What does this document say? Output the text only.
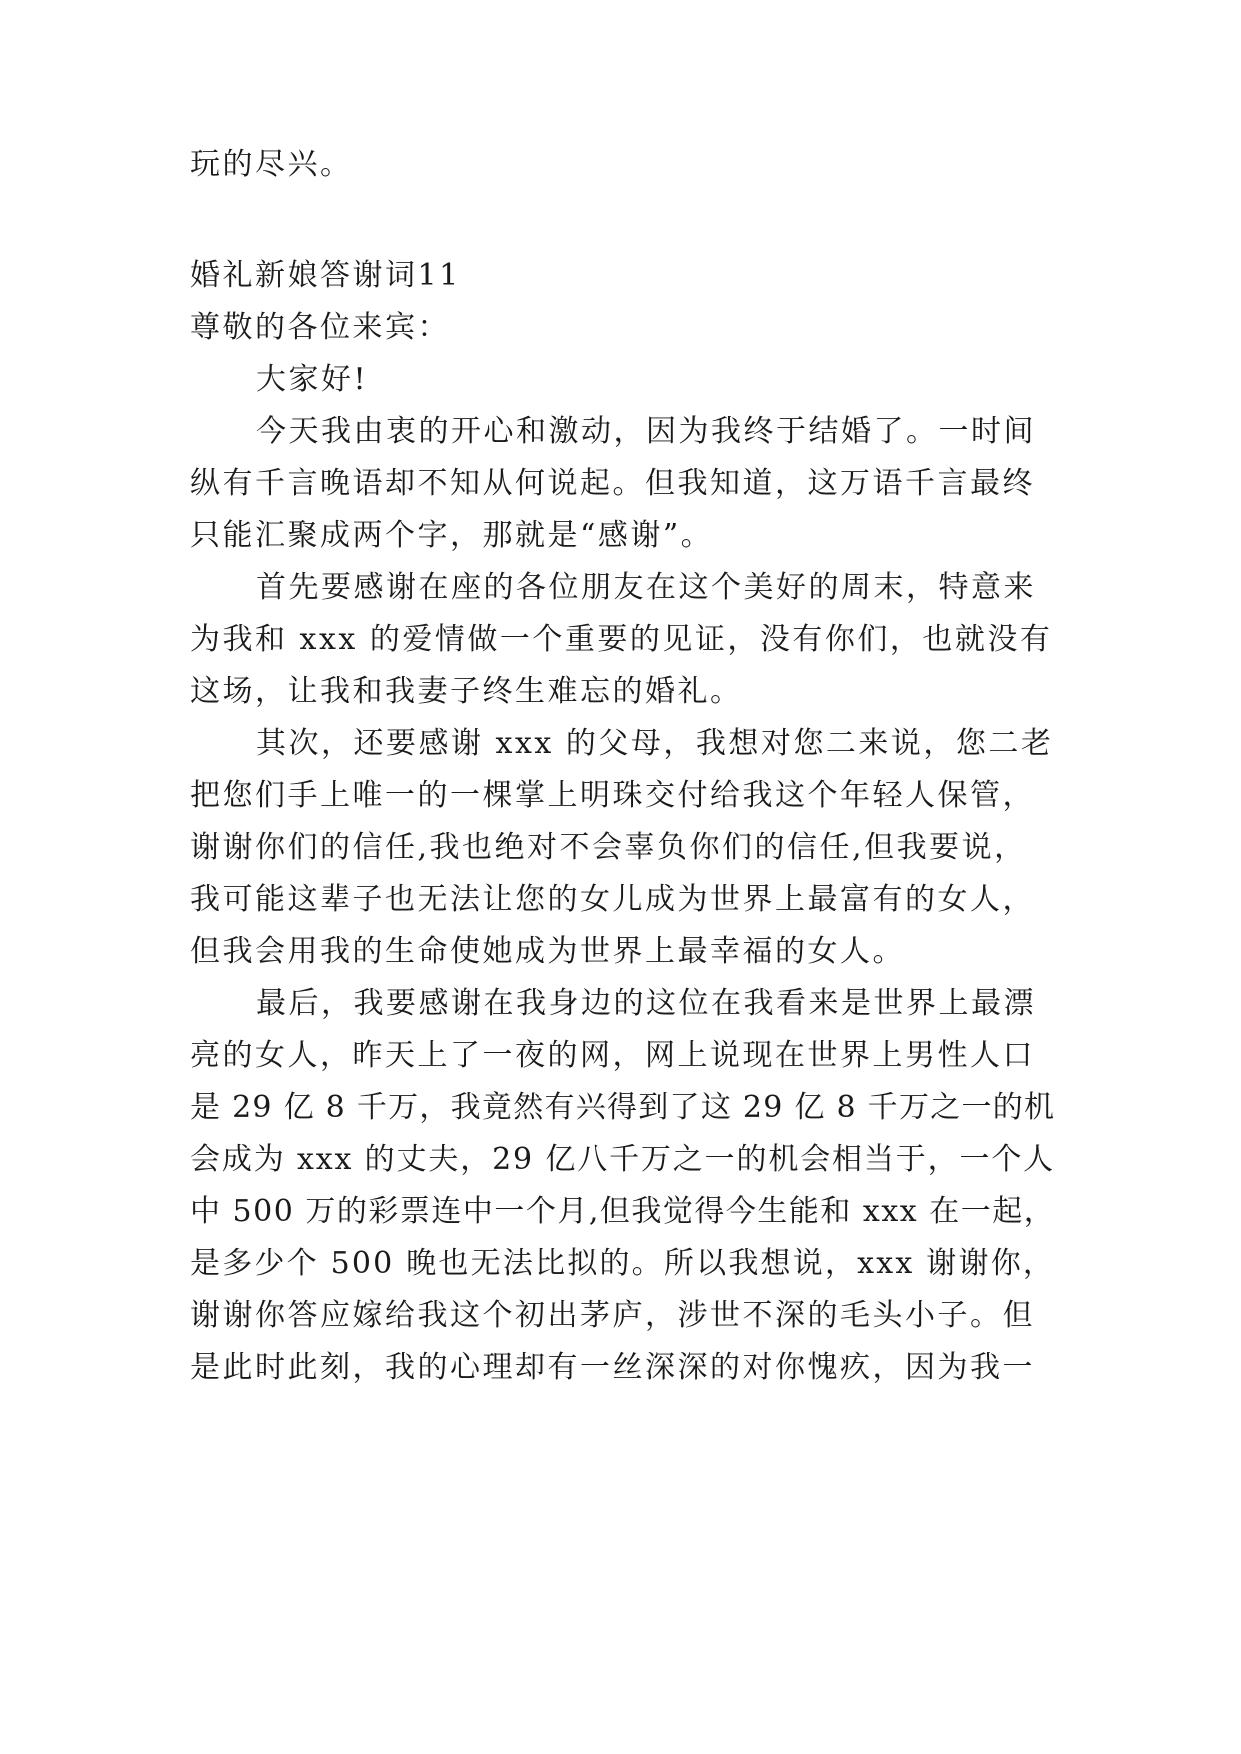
玩的尽兴。
婚礼新娘答谢词11
尊敬的各位来宾：
大家好!
今天我由衷的开心和激动，因为我终于结婚了。一时间
纵有千言晚语却不知从何说起。但我知道，这万语千言最终
只能汇聚成两个字，那就是“感谢”。
首先要感谢在座的各位朋友在这个美好的周末，特意来
为我和 xxx 的爱情做一个重要的见证，没有你们，也就没有
这场，让我和我妻子终生难忘的婚礼。
其次，还要感谢 xxx 的父母，我想对您二来说，您二老
把您们手上唯一的一棵掌上明珠交付给我这个年轻人保管，
谢谢你们的信任,我也绝对不会辜负你们的信任,但我要说，
我可能这辈子也无法让您的女儿成为世界上最富有的女人，
但我会用我的生命使她成为世界上最幸福的女人。
最后，我要感谢在我身边的这位在我看来是世界上最漂
亮的女人，昨天上了一夜的网，网上说现在世界上男性人口
是 29 亿 8 千万，我竟然有兴得到了这 29 亿 8 千万之一的机
会成为 xxx 的丈夫，29 亿八千万之一的机会相当于，一个人
中 500 万的彩票连中一个月,但我觉得今生能和 xxx 在一起，
是多少个 500 晚也无法比拟的。所以我想说，xxx 谢谢你，
谢谢你答应嫁给我这个初出茅庐，涉世不深的毛头小子。但
是此时此刻，我的心理却有一丝深深的对你愧疚，因为我一
